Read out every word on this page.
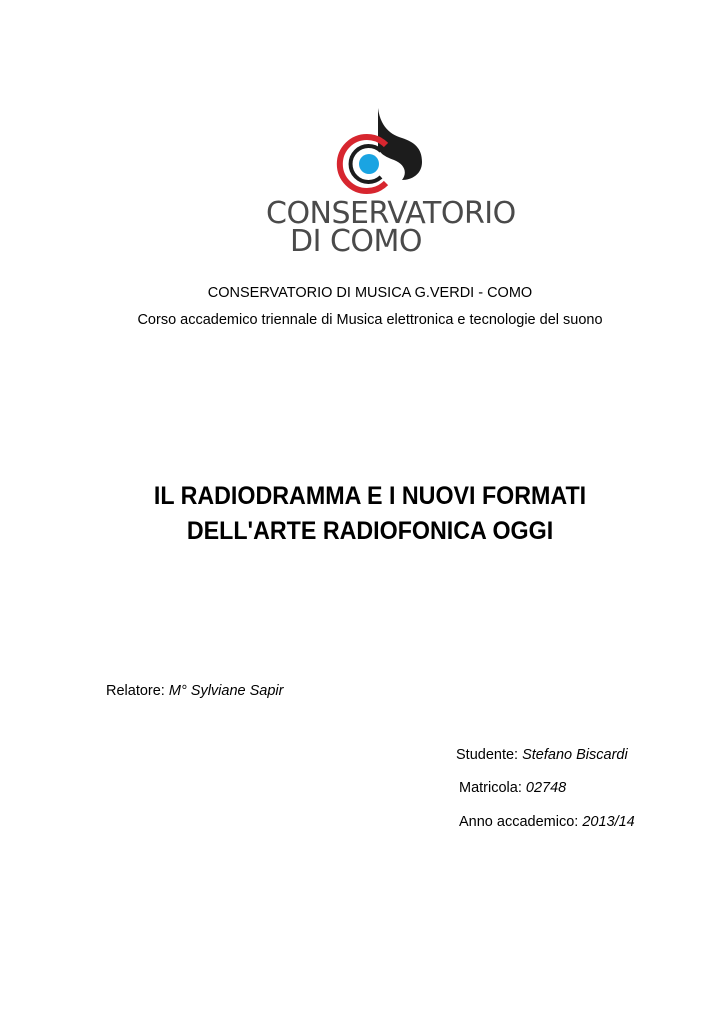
CONSERVATORIO
DI COMO
CONSERVATORIO DI MUSICA G.VERDI - COMO
Corso accademico triennale di Musica elettronica e tecnologie del suono
IL RADIODRAMMA E I NUOVI FORMATI
DELL'ARTE RADIOFONICA OGGI
Relatore: M° Sylviane Sapir
Studente: Stefano Biscardi
Matricola: 02748
Anno accademico: 2013/14
